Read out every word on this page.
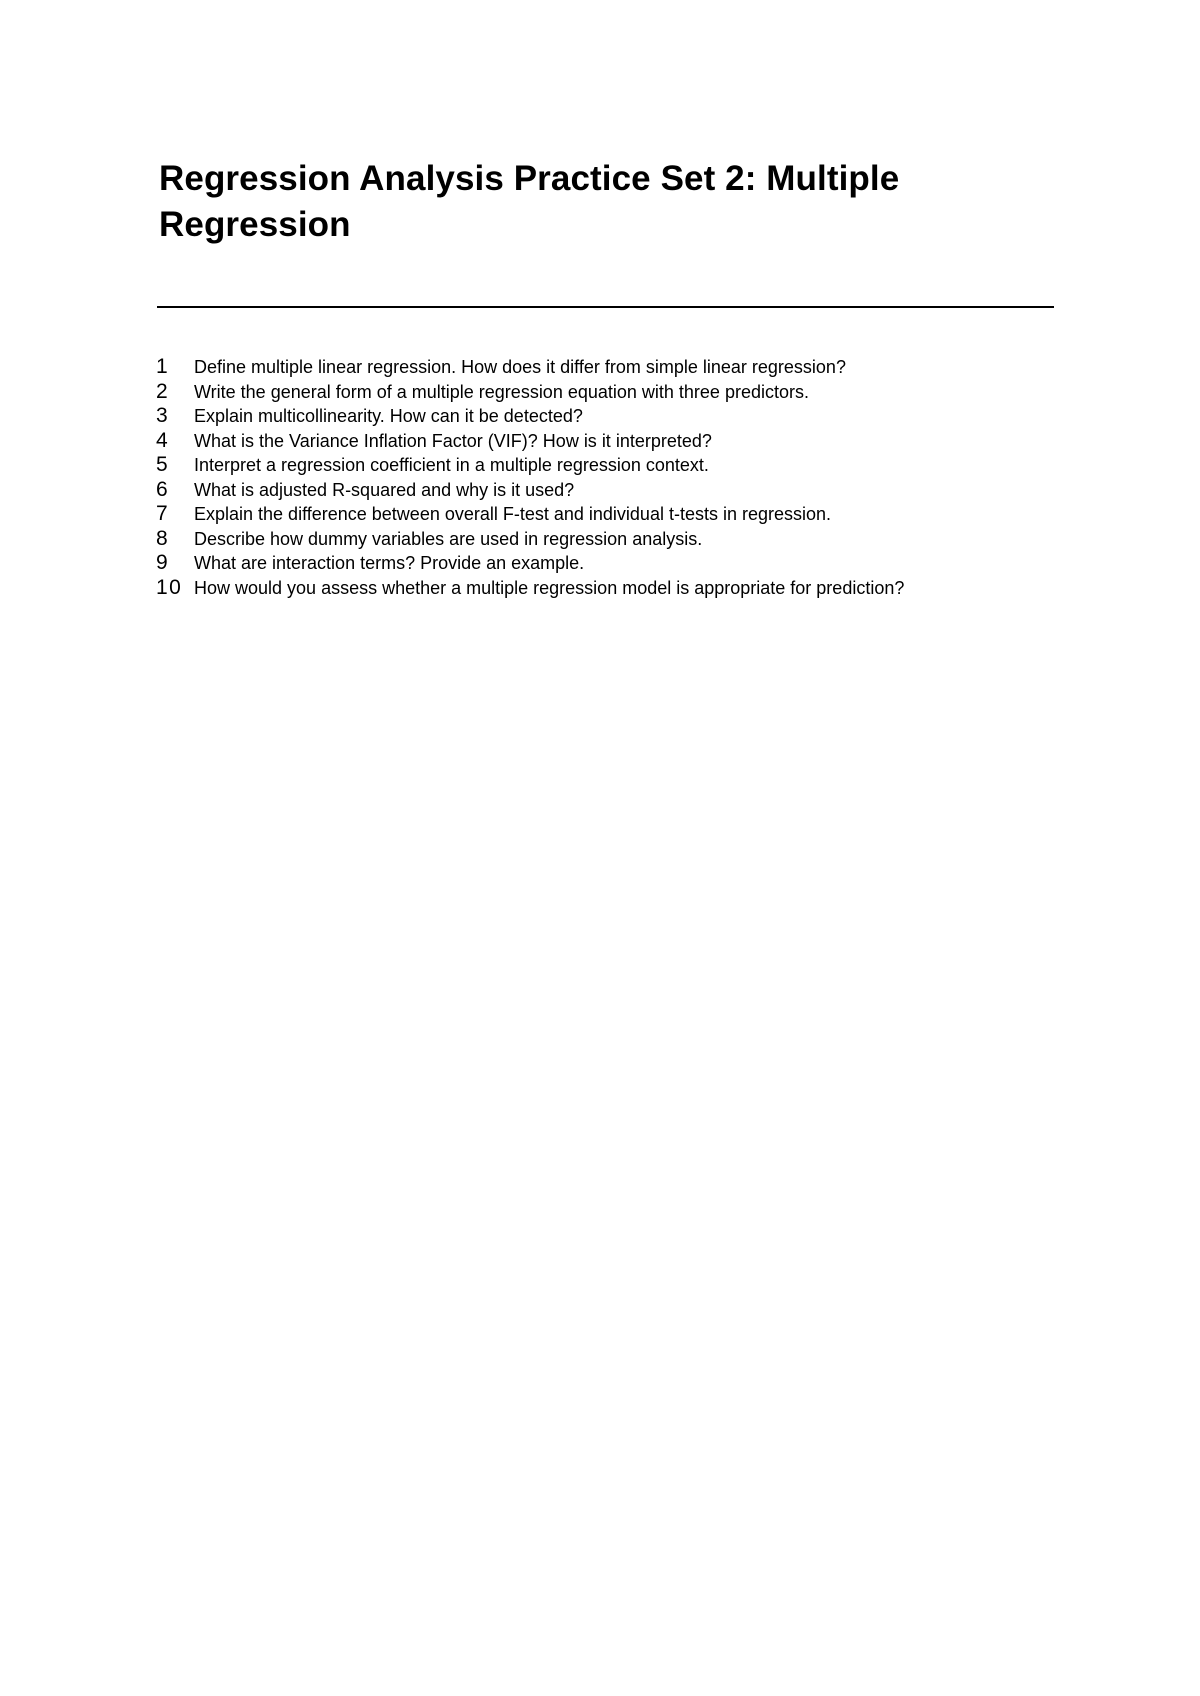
Regression Analysis Practice Set 2: Multiple Regression
1	Define multiple linear regression. How does it differ from simple linear regression?
2	Write the general form of a multiple regression equation with three predictors.
3	Explain multicollinearity. How can it be detected?
4	What is the Variance Inflation Factor (VIF)? How is it interpreted?
5	Interpret a regression coefficient in a multiple regression context.
6	What is adjusted R-squared and why is it used?
7	Explain the difference between overall F-test and individual t-tests in regression.
8	Describe how dummy variables are used in regression analysis.
9	What are interaction terms? Provide an example.
10 How would you assess whether a multiple regression model is appropriate for prediction?
